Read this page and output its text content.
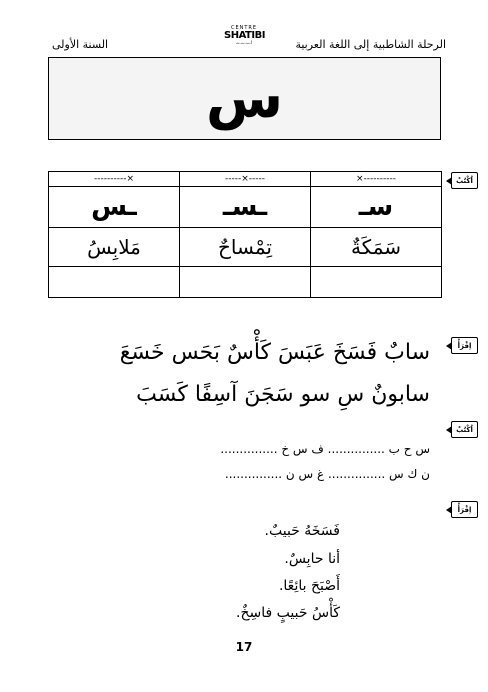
الرحلة الشاطبية إلى اللغة العربية
CENTRE
SHATIBI
أ.ب.ت.ث
السنة الأولى
س
----------×	-----×-----	×----------
ـس	ـسـ	سـ
مَلابِسُ	تِمْساحٌ	سَمَكَةٌ

اُكْتُبْ
اِقْرَأْ
اُكْتُبْ
اِقْرَأْ
سابٌ فَسَخَ عَبَسَ كَأْسٌ بَحَس خَسَعَ
سابونٌ سِ سو سَجَنَ آسِفًا كَسَبَ
س ح ب ............... ف س خ ...............
ن ك س ............... غ س ن ...............
فَسَخَهُ حَبيبٌ.
أنا حابِسٌ.
أَصْبَحَ بائِعًا.
كَأْسُ حَبيبٍ فاسِخٌ.
17
